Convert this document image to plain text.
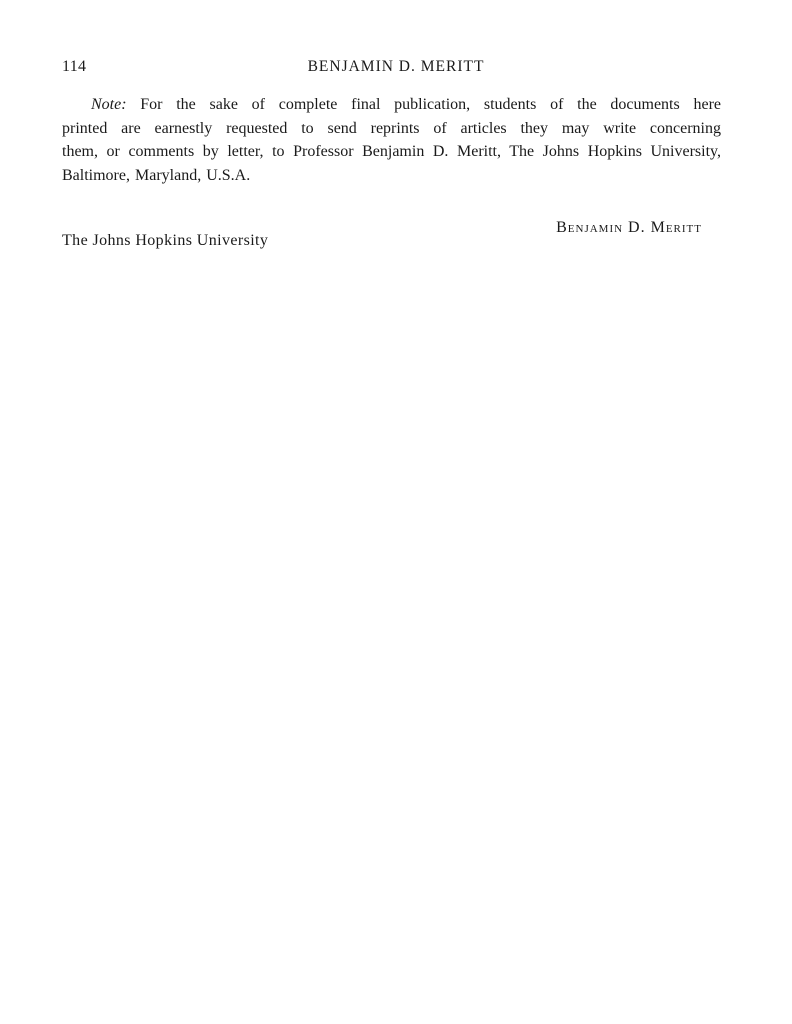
114	BENJAMIN D. MERITT
Note: For the sake of complete final publication, students of the documents here
printed are earnestly requested to send reprints of articles they may write concerning
them, or comments by letter, to Professor Benjamin D. Meritt, The Johns Hopkins University,
Baltimore, Maryland, U.S.A.
Benjamin D. Meritt
The Johns Hopkins University
